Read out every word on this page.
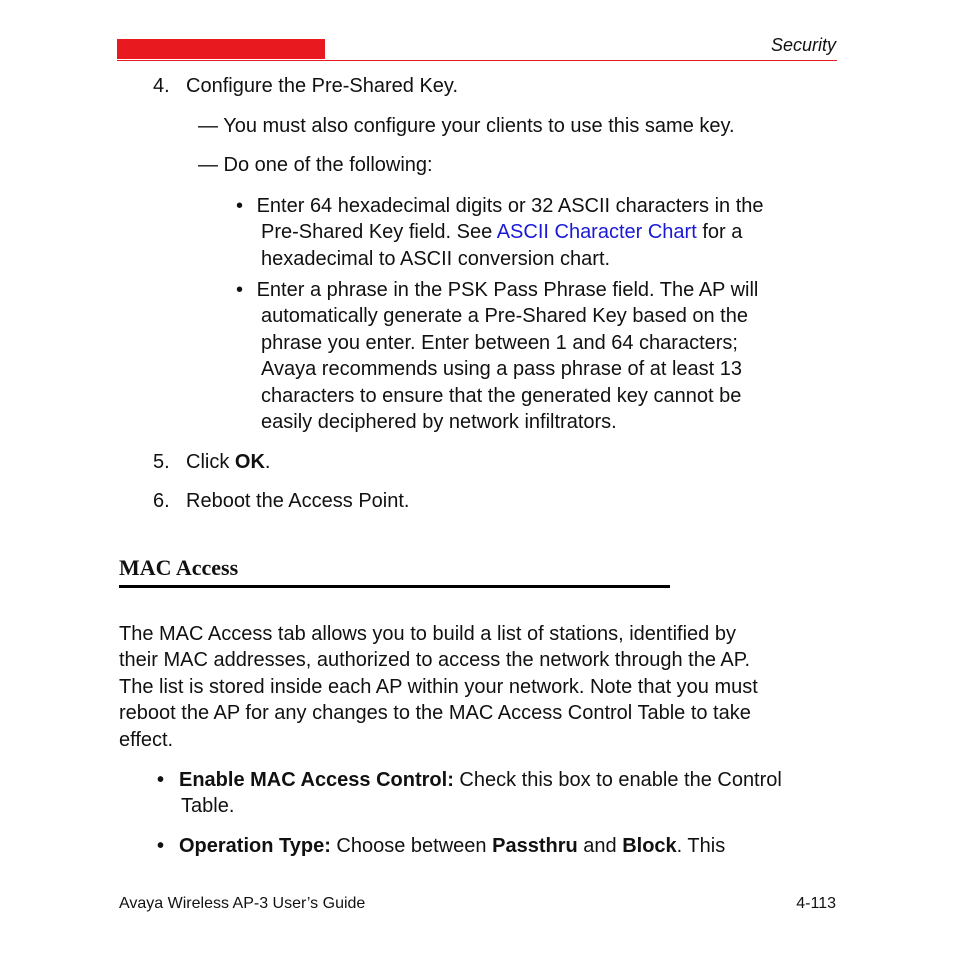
Security
4. Configure the Pre-Shared Key.
— You must also configure your clients to use this same key.
— Do one of the following:
• Enter 64 hexadecimal digits or 32 ASCII characters in the
Pre-Shared Key field. See ASCII Character Chart for a
hexadecimal to ASCII conversion chart.
• Enter a phrase in the PSK Pass Phrase field. The AP will
automatically generate a Pre-Shared Key based on the
phrase you enter. Enter between 1 and 64 characters;
Avaya recommends using a pass phrase of at least 13
characters to ensure that the generated key cannot be
easily deciphered by network infiltrators.
5. Click OK.
6. Reboot the Access Point.
MAC Access
The MAC Access tab allows you to build a list of stations, identified by
their MAC addresses, authorized to access the network through the AP.
The list is stored inside each AP within your network. Note that you must
reboot the AP for any changes to the MAC Access Control Table to take
effect.
• Enable MAC Access Control: Check this box to enable the Control
Table.
• Operation Type: Choose between Passthru and Block. This
Avaya Wireless AP-3 User’s Guide	4-113
